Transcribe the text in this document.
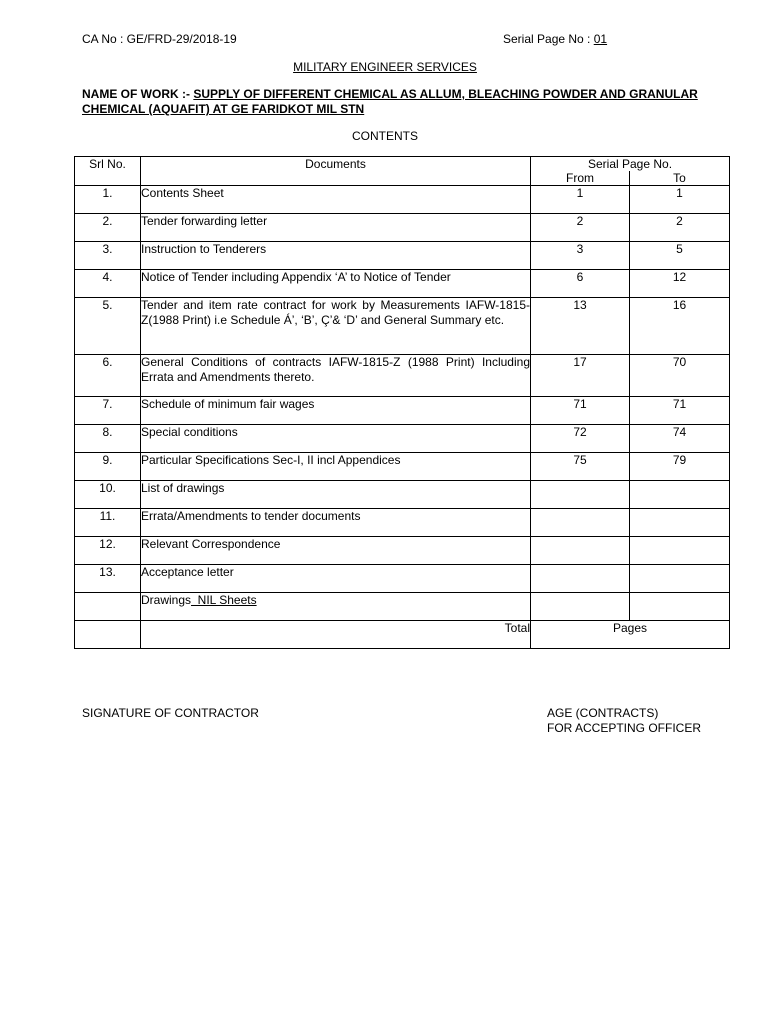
CA No : GE/FRD-29/2018-19	Serial Page No : 01
MILITARY ENGINEER SERVICES
NAME OF WORK :- SUPPLY OF DIFFERENT CHEMICAL AS ALLUM, BLEACHING POWDER AND GRANULAR CHEMICAL (AQUAFIT) AT GE FARIDKOT MIL STN
CONTENTS
Srl No.	Documents	Serial Page No.	
		From	To
1.	Contents Sheet	1	1
2.	Tender forwarding letter	2	2
3.	Instruction to Tenderers	3	5
4.	Notice of Tender including Appendix ‘A’ to Notice of Tender	6	12
5.	Tender and item rate contract for work by Measurements IAFW-1815-Z(1988 Print) i.e Schedule Á’, ‘B’, Ç’& ‘D’ and General Summary etc.	13	16
6.	General Conditions of contracts IAFW-1815-Z (1988 Print) Including Errata and Amendments thereto.	17	70
7.	Schedule of minimum fair wages	71	71
8.	Special conditions	72	74
9.	Particular Specifications Sec-I, II incl Appendices	75	79
10.	List of drawings		
11.	Errata/Amendments to tender documents		
12.	Relevant Correspondence		
13.	Acceptance letter		
	Drawings  NIL Sheets		
	Total	Pages	
SIGNATURE OF CONTRACTOR	AGE (CONTRACTS)
FOR ACCEPTING OFFICER
